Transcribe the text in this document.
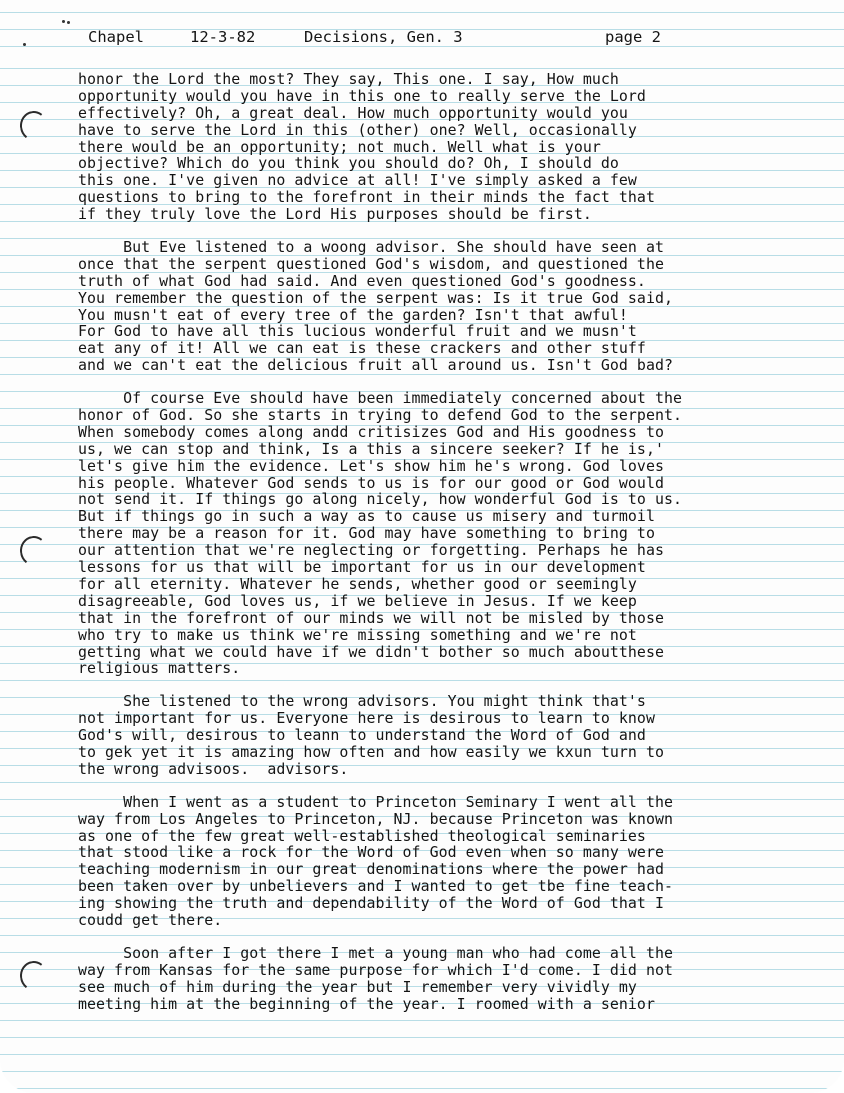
Chapel

	12-3-82

	Decisions, Gen. 3

	page 2

honor the Lord the most? They say, This one. I say, How much
opportunity would you have in this one to really serve the Lord
effectively? Oh, a great deal. How much opportunity would you
have to serve the Lord in this (other) one? Well, occasionally
there would be an opportunity; not much. Well what is your
objective? Which do you think you should do? Oh, I should do
this one. I've given no advice at all! I've simply asked a few
questions to bring to the forefront in their minds the fact that
if they truly love the Lord His purposes should be first.
But Eve listened to a woong advisor. She should have seen at
once that the serpent questioned God's wisdom, and questioned the
truth of what God had said. And even questioned God's goodness.
You remember the question of the serpent was: Is it true God said,
You musn't eat of every tree of the garden? Isn't that awful!
For God to have all this lucious wonderful fruit and we musn't
eat any of it! All we can eat is these crackers and other stuff
and we can't eat the delicious fruit all around us. Isn't God bad?
Of course Eve should have been immediately concerned about the
honor of God. So she starts in trying to defend God to the serpent.
When somebody comes along andd critisizes God and His goodness to
us, we can stop and think, Is a this a sincere seeker? If he is,'
let's give him the evidence. Let's show him he's wrong. God loves
his people. Whatever God sends to us is for our good or God would
not send it. If things go along nicely, how wonderful God is to us.
But if things go in such a way as to cause us misery and turmoil
there may be a reason for it. God may have something to bring to
our attention that we're neglecting or forgetting. Perhaps he has
lessons for us that will be important for us in our development
for all eternity. Whatever he sends, whether good or seemingly
disagreeable, God loves us, if we believe in Jesus. If we keep
that in the forefront of our minds we will not be misled by those
who try to make us think we're missing something and we're not
getting what we could have if we didn't bother so much aboutthese
religious matters.
She listened to the wrong advisors. You might think that's
not important for us. Everyone here is desirous to learn to know
God's will, desirous to leann to understand the Word of God and
to gek yet it is amazing how often and how easily we kxun turn to
the wrong advisoos.  advisors.
When I went as a student to Princeton Seminary I went all the
way from Los Angeles to Princeton, NJ. because Princeton was known
as one of the few great well-established theological seminaries
that stood like a rock for the Word of God even when so many were
teaching modernism in our great denominations where the power had
been taken over by unbelievers and I wanted to get tbe fine teach-
ing showing the truth and dependability of the Word of God that I
coudd get there.
Soon after I got there I met a young man who had come all the
way from Kansas for the same purpose for which I'd come. I did not
see much of him during the year but I remember very vividly my
meeting him at the beginning of the year. I roomed with a senior
